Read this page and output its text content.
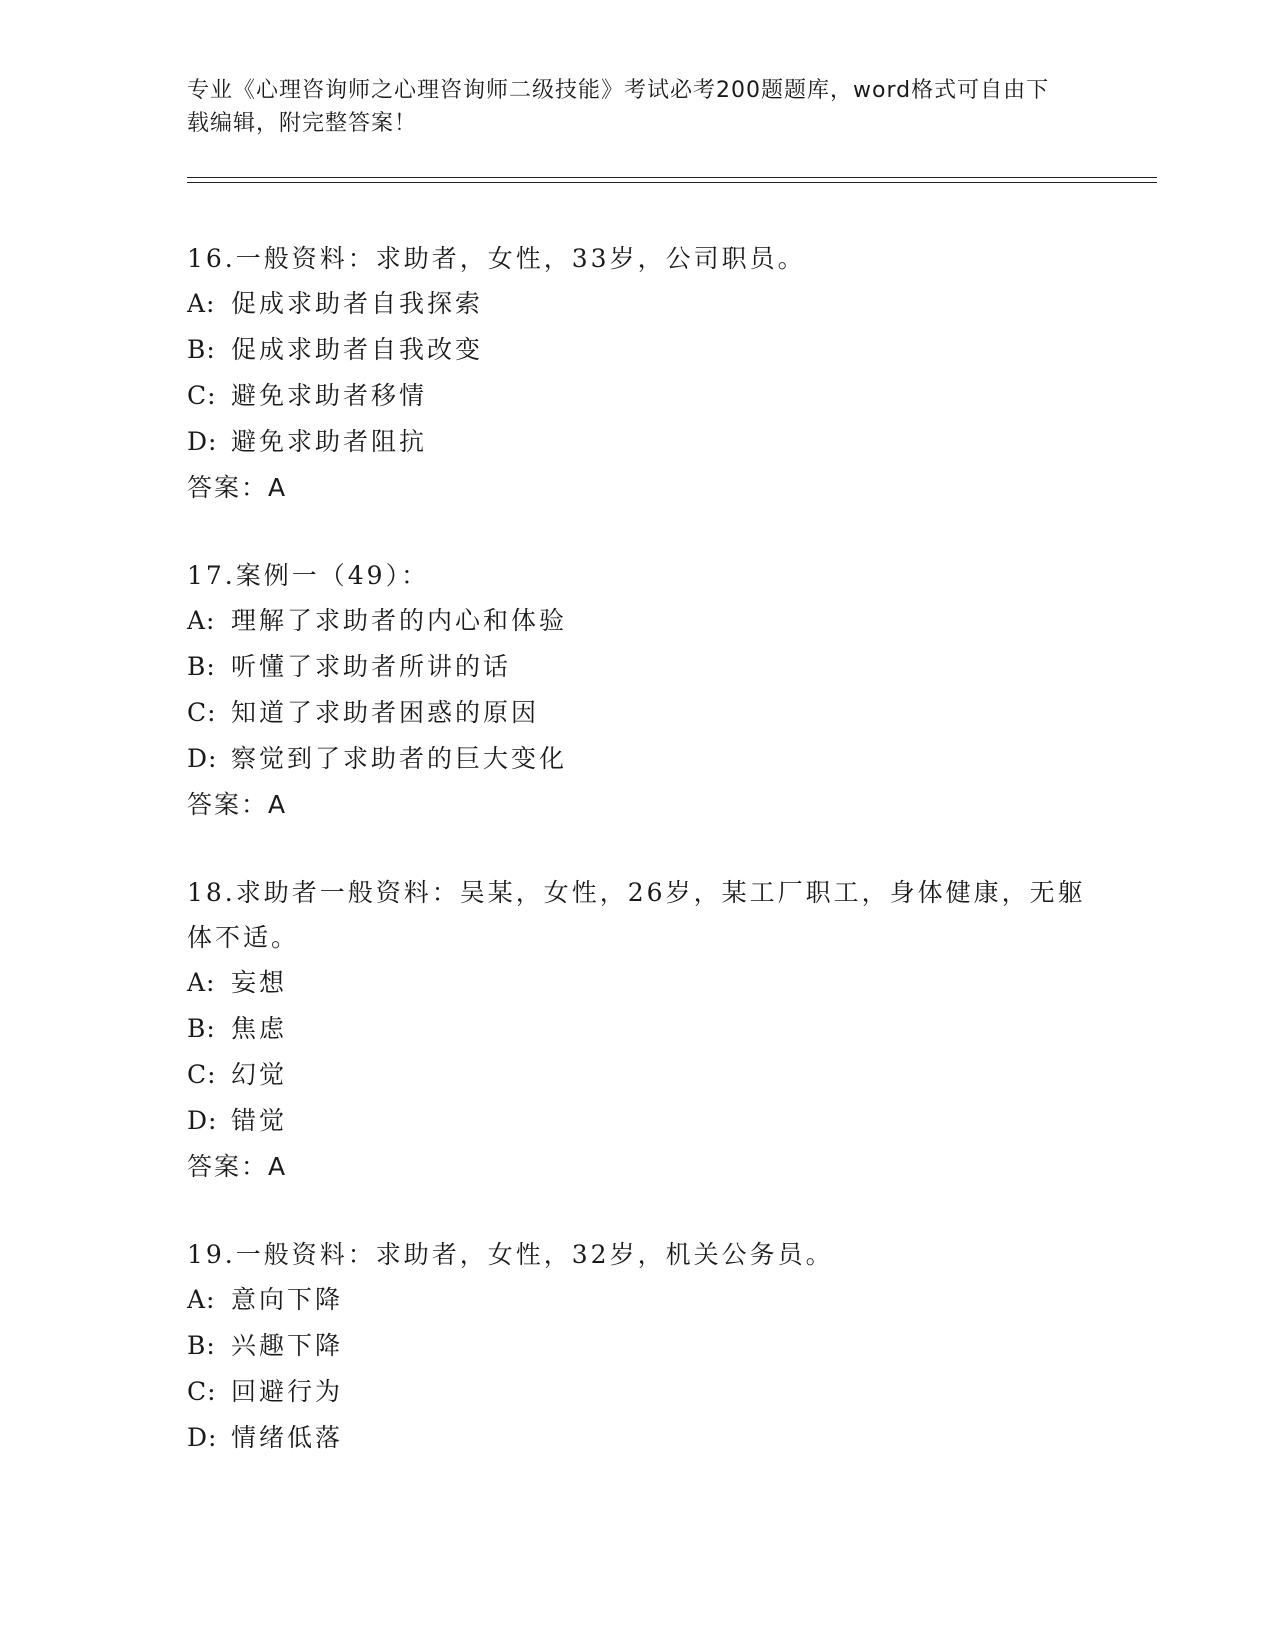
专业《心理咨询师之心理咨询师二级技能》考试必考200题题库，word格式可自由下载编辑，附完整答案！

16.一般资料：求助者，女性，33岁，公司职员。

A: 促成求助者自我探索

B: 促成求助者自我改变

C: 避免求助者移情

D: 避免求助者阻抗

答案：A

17.案例一（49）：

A: 理解了求助者的内心和体验

B: 听懂了求助者所讲的话

C: 知道了求助者困惑的原因

D: 察觉到了求助者的巨大变化

答案：A

18.求助者一般资料：吴某，女性，26岁，某工厂职工，身体健康，无躯体不适。

A: 妄想

B: 焦虑

C: 幻觉

D: 错觉

答案：A

19.一般资料：求助者，女性，32岁，机关公务员。

A: 意向下降

B: 兴趣下降

C: 回避行为

D: 情绪低落
